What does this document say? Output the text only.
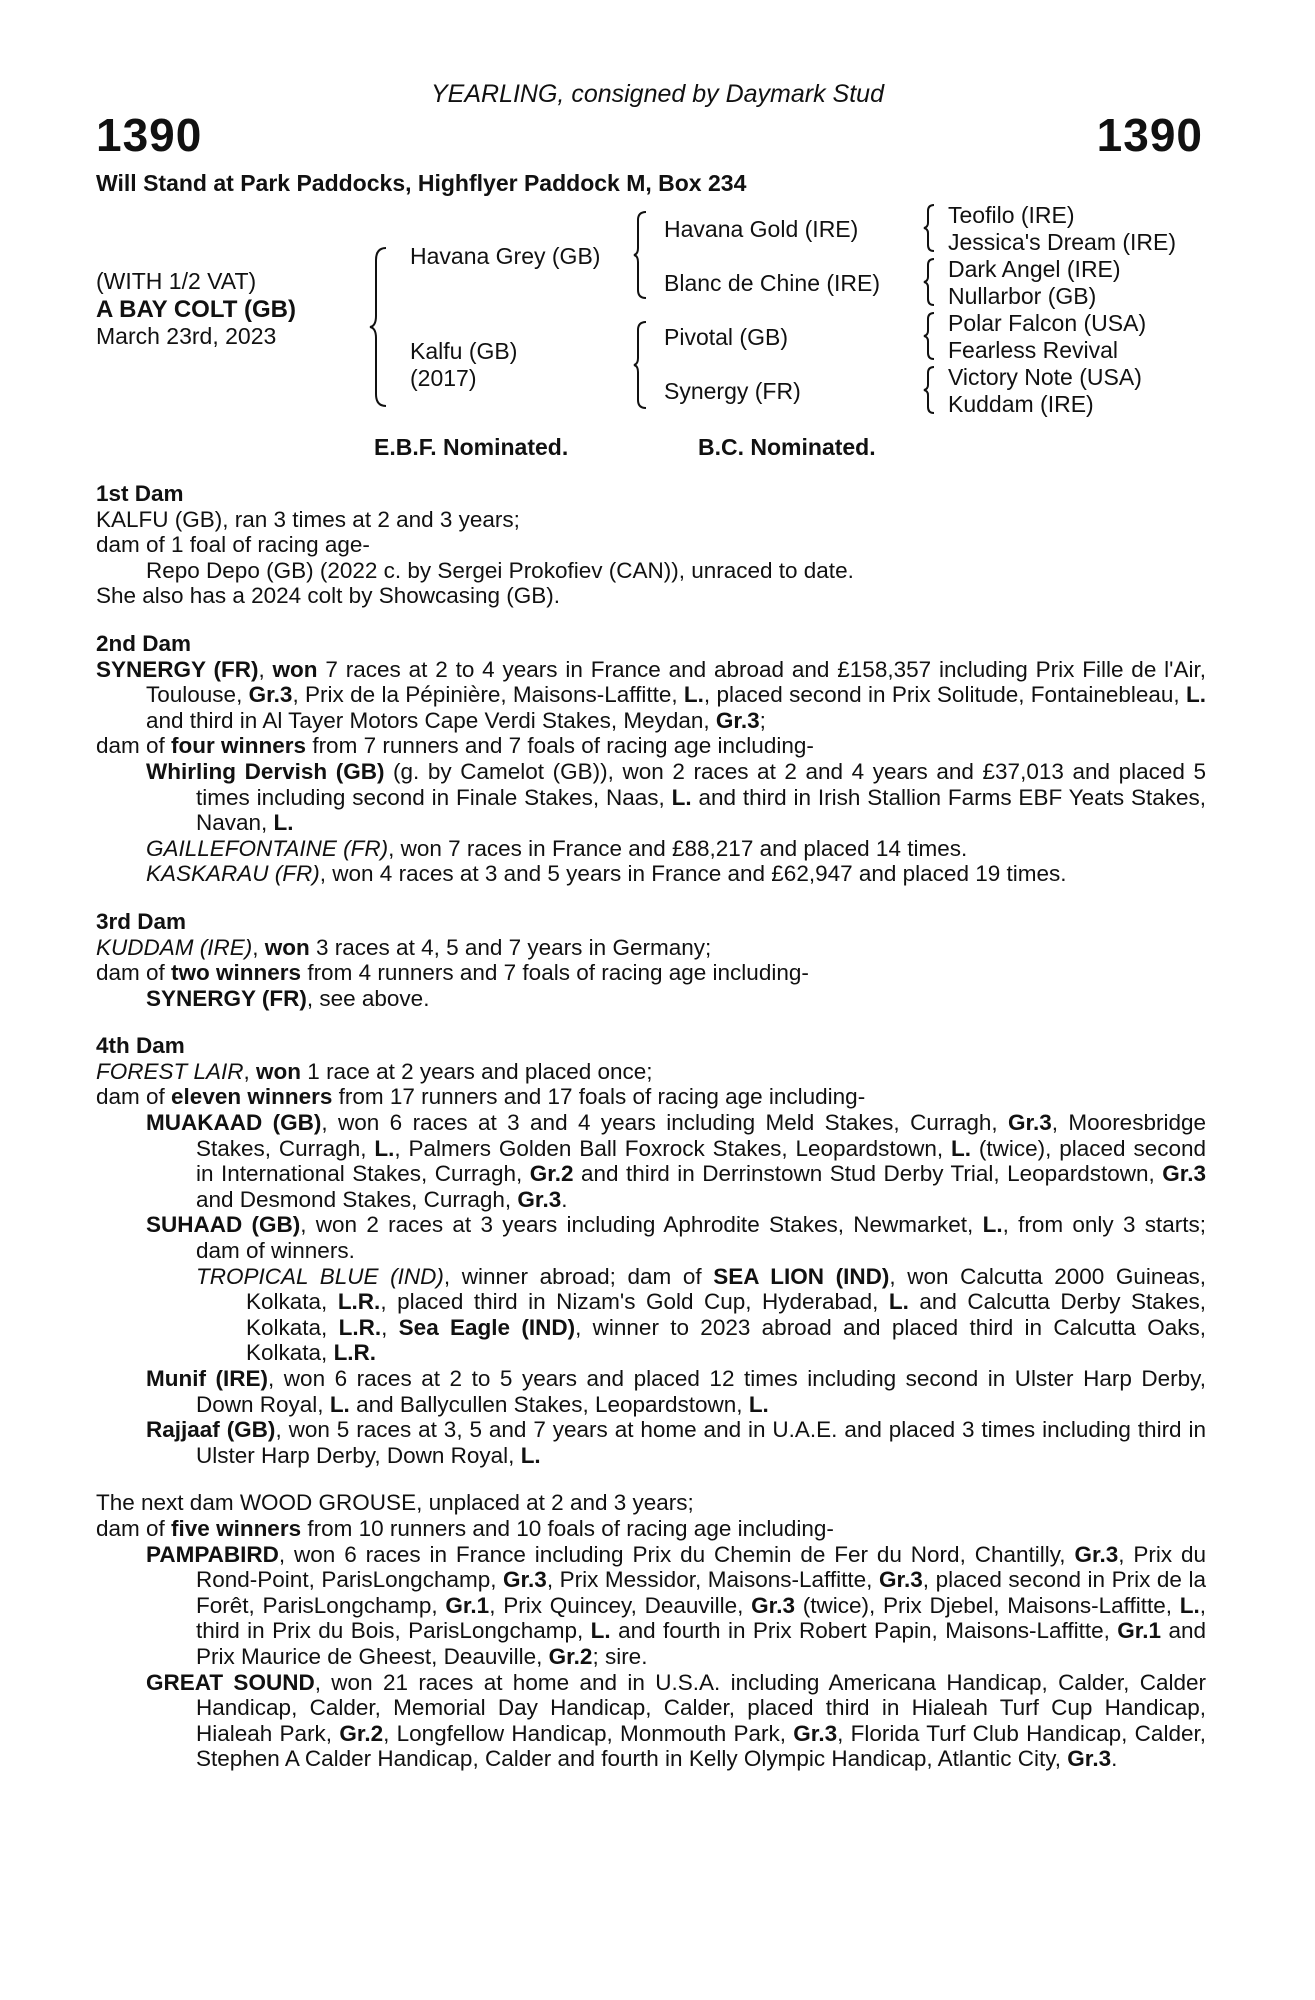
YEARLING, consigned by Daymark Stud
1390	1390
Will Stand at Park Paddocks, Highflyer Paddock M, Box 234
(WITH 1/2 VAT)
A BAY COLT (GB)
March 23rd, 2023
Havana Grey (GB)
Kalfu (GB)
(2017)
Havana Gold (IRE)
Blanc de Chine (IRE)
Pivotal (GB)
Synergy (FR)
Teofilo (IRE)
Jessica's Dream (IRE)
Dark Angel (IRE)
Nullarbor (GB)
Polar Falcon (USA)
Fearless Revival
Victory Note (USA)
Kuddam (IRE)
E.B.F. Nominated.	B.C. Nominated.
1st Dam
KALFU (GB), ran 3 times at 2 and 3 years;
dam of 1 foal of racing age-
Repo Depo (GB) (2022 c. by Sergei Prokofiev (CAN)), unraced to date.
She also has a 2024 colt by Showcasing (GB).
2nd Dam
SYNERGY (FR), won 7 races at 2 to 4 years in France and abroad and £158,357 including Prix Fille de l'Air, Toulouse, Gr.3, Prix de la Pépinière, Maisons-Laffitte, L., placed second in Prix Solitude, Fontainebleau, L. and third in Al Tayer Motors Cape Verdi Stakes, Meydan, Gr.3;
dam of four winners from 7 runners and 7 foals of racing age including-
Whirling Dervish (GB) (g. by Camelot (GB)), won 2 races at 2 and 4 years and £37,013 and placed 5 times including second in Finale Stakes, Naas, L. and third in Irish Stallion Farms EBF Yeats Stakes, Navan, L.
GAILLEFONTAINE (FR), won 7 races in France and £88,217 and placed 14 times.
KASKARAU (FR), won 4 races at 3 and 5 years in France and £62,947 and placed 19 times.
3rd Dam
KUDDAM (IRE), won 3 races at 4, 5 and 7 years in Germany;
dam of two winners from 4 runners and 7 foals of racing age including-
SYNERGY (FR), see above.
4th Dam
FOREST LAIR, won 1 race at 2 years and placed once;
dam of eleven winners from 17 runners and 17 foals of racing age including-
MUAKAAD (GB), won 6 races at 3 and 4 years including Meld Stakes, Curragh, Gr.3, Mooresbridge Stakes, Curragh, L., Palmers Golden Ball Foxrock Stakes, Leopardstown, L. (twice), placed second in International Stakes, Curragh, Gr.2 and third in Derrinstown Stud Derby Trial, Leopardstown, Gr.3 and Desmond Stakes, Curragh, Gr.3.
SUHAAD (GB), won 2 races at 3 years including Aphrodite Stakes, Newmarket, L., from only 3 starts; dam of winners.
TROPICAL BLUE (IND), winner abroad; dam of SEA LION (IND), won Calcutta 2000 Guineas, Kolkata, L.R., placed third in Nizam's Gold Cup, Hyderabad, L. and Calcutta Derby Stakes, Kolkata, L.R., Sea Eagle (IND), winner to 2023 abroad and placed third in Calcutta Oaks, Kolkata, L.R.
Munif (IRE), won 6 races at 2 to 5 years and placed 12 times including second in Ulster Harp Derby, Down Royal, L. and Ballycullen Stakes, Leopardstown, L.
Rajjaaf (GB), won 5 races at 3, 5 and 7 years at home and in U.A.E. and placed 3 times including third in Ulster Harp Derby, Down Royal, L.
The next dam WOOD GROUSE, unplaced at 2 and 3 years;
dam of five winners from 10 runners and 10 foals of racing age including-
PAMPABIRD, won 6 races in France including Prix du Chemin de Fer du Nord, Chantilly, Gr.3, Prix du Rond-Point, ParisLongchamp, Gr.3, Prix Messidor, Maisons-Laffitte, Gr.3, placed second in Prix de la Forêt, ParisLongchamp, Gr.1, Prix Quincey, Deauville, Gr.3 (twice), Prix Djebel, Maisons-Laffitte, L., third in Prix du Bois, ParisLongchamp, L. and fourth in Prix Robert Papin, Maisons-Laffitte, Gr.1 and Prix Maurice de Gheest, Deauville, Gr.2; sire.
GREAT SOUND, won 21 races at home and in U.S.A. including Americana Handicap, Calder, Calder Handicap, Calder, Memorial Day Handicap, Calder, placed third in Hialeah Turf Cup Handicap, Hialeah Park, Gr.2, Longfellow Handicap, Monmouth Park, Gr.3, Florida Turf Club Handicap, Calder, Stephen A Calder Handicap, Calder and fourth in Kelly Olympic Handicap, Atlantic City, Gr.3.
